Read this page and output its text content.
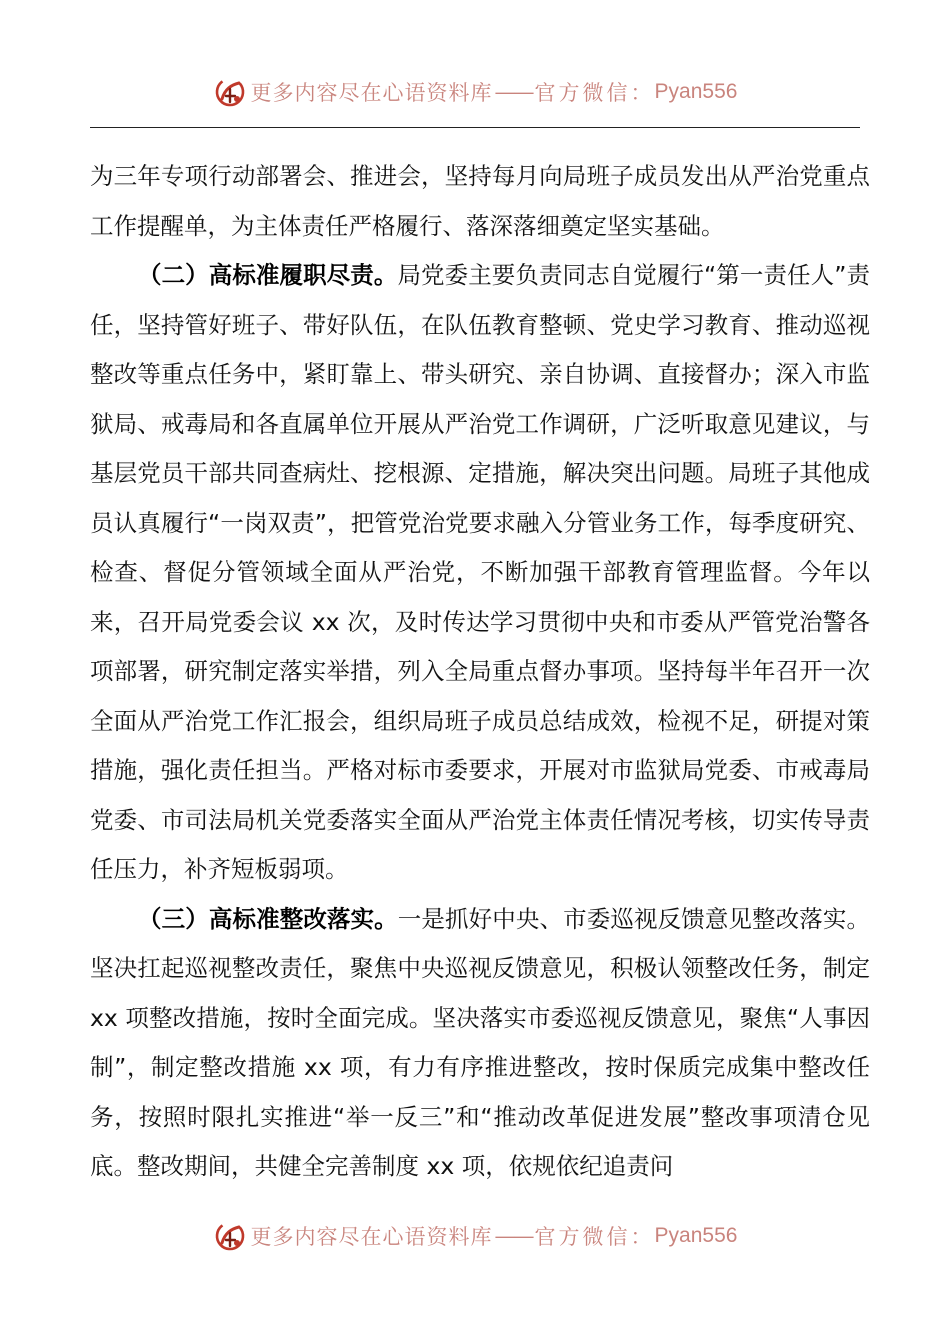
更多内容尽在心语资料库 —— 官方微信： Pyan556

为三年专项行动部署会、推进会，坚持每月向局班子成员发出从严治党重点工作提醒单，为主体责任严格履行、落深落细奠定坚实基础。

（二）高标准履职尽责。局党委主要负责同志自觉履行“第一责任人”责任，坚持管好班子、带好队伍，在队伍教育整顿、党史学习教育、推动巡视整改等重点任务中，紧盯靠上、带头研究、亲自协调、直接督办；深入市监狱局、戒毒局和各直属单位开展从严治党工作调研，广泛听取意见建议，与基层党员干部共同查病灶、挖根源、定措施，解决突出问题。局班子其他成员认真履行“一岗双责”，把管党治党要求融入分管业务工作，每季度研究、检查、督促分管领域全面从严治党，不断加强干部教育管理监督。今年以来，召开局党委会议 xx 次，及时传达学习贯彻中央和市委从严管党治警各项部署，研究制定落实举措，列入全局重点督办事项。坚持每半年召开一次全面从严治党工作汇报会，组织局班子成员总结成效，检视不足，研提对策措施，强化责任担当。严格对标市委要求，开展对市监狱局党委、市戒毒局党委、市司法局机关党委落实全面从严治党主体责任情况考核，切实传导责任压力，补齐短板弱项。

（三）高标准整改落实。一是抓好中央、市委巡视反馈意见整改落实。坚决扛起巡视整改责任，聚焦中央巡视反馈意见，积极认领整改任务，制定 xx 项整改措施，按时全面完成。坚决落实市委巡视反馈意见，聚焦“人事因制”，制定整改措施 xx 项，有力有序推进整改，按时保质完成集中整改任务，按照时限扎实推进“举一反三”和“推动改革促进发展”整改事项清仓见底。整改期间，共健全完善制度 xx 项，依规依纪追责问

更多内容尽在心语资料库 —— 官方微信： Pyan556
